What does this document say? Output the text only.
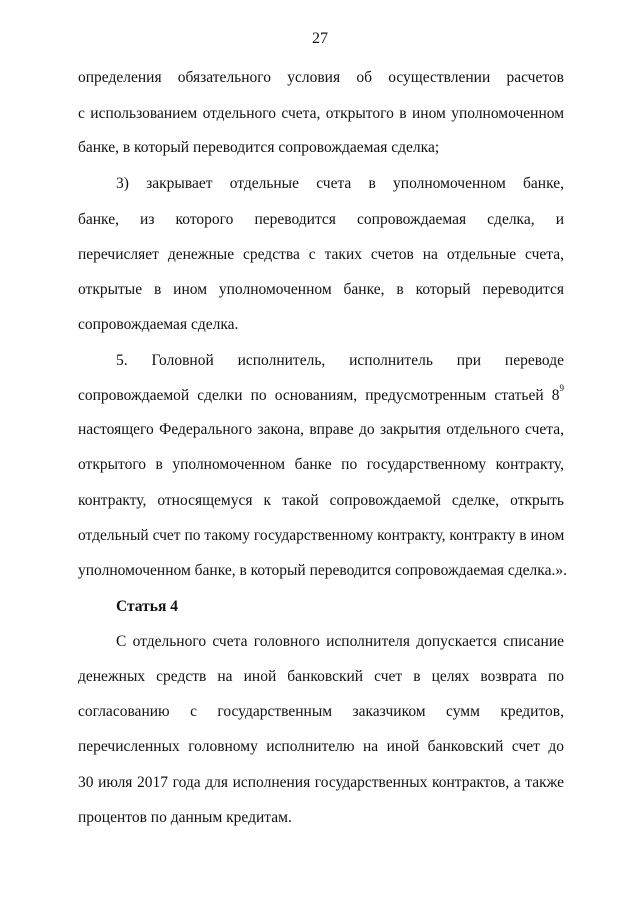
27
определения обязательного условия об осуществлении расчетов
с использованием отдельного счета, открытого в ином уполномоченном
банке, в который переводится сопровождаемая сделка;
3) закрывает отдельные счета в уполномоченном банке,
банке, из которого переводится сопровождаемая сделка, и
перечисляет денежные средства с таких счетов на отдельные счета,
открытые в ином уполномоченном банке, в который переводится
сопровождаемая сделка.
5. Головной исполнитель, исполнитель при переводе
сопровождаемой сделки по основаниям, предусмотренным статьей $8^9$
настоящего Федерального закона, вправе до закрытия отдельного счета,
открытого в уполномоченном банке по государственному контракту,
контракту, относящемуся к такой сопровождаемой сделке, открыть
отдельный счет по такому государственному контракту, контракту в ином
уполномоченном банке, в который переводится сопровождаемая сделка.».
Статья 4
С отдельного счета головного исполнителя допускается списание
денежных средств на иной банковский счет в целях возврата по
согласованию с государственным заказчиком сумм кредитов,
перечисленных головному исполнителю на иной банковский счет до
30 июля 2017 года для исполнения государственных контрактов, а также
процентов по данным кредитам.
